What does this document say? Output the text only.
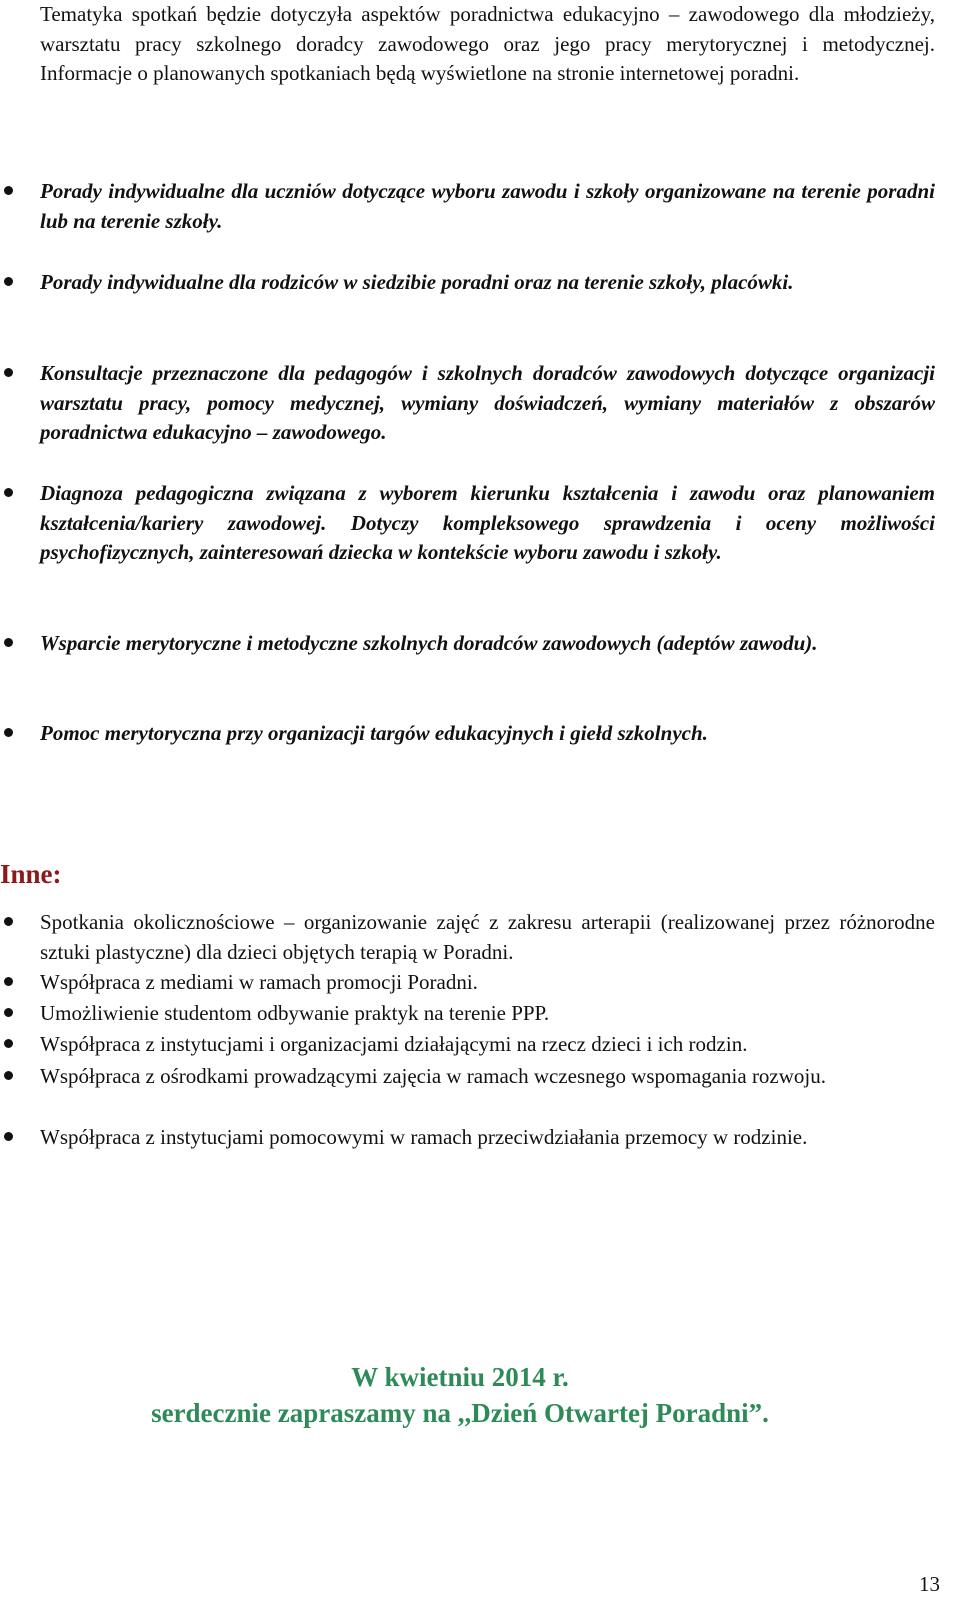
Tematyka spotkań będzie dotyczyła aspektów poradnictwa edukacyjno – zawodowego dla młodzieży, warsztatu pracy szkolnego doradcy zawodowego oraz jego pracy merytorycznej i metodycznej. Informacje o planowanych spotkaniach będą wyświetlone na stronie internetowej poradni.

Porady indywidualne dla uczniów dotyczące wyboru zawodu i szkoły organizowane na terenie poradni lub na terenie szkoły.

Porady indywidualne dla rodziców w siedzibie poradni oraz na terenie szkoły, placówki.

Konsultacje przeznaczone dla pedagogów i szkolnych doradców zawodowych dotyczące organizacji warsztatu pracy, pomocy medycznej, wymiany doświadczeń, wymiany materiałów z obszarów poradnictwa edukacyjno – zawodowego.

Diagnoza pedagogiczna związana z wyborem kierunku kształcenia i zawodu oraz planowaniem kształcenia/kariery zawodowej. Dotyczy kompleksowego sprawdzenia i oceny możliwości psychofizycznych, zainteresowań dziecka w kontekście wyboru zawodu i szkoły.

Wsparcie merytoryczne i metodyczne szkolnych doradców zawodowych (adeptów zawodu).

Pomoc merytoryczna przy organizacji targów edukacyjnych i giełd szkolnych.

Inne:

Spotkania okolicznościowe – organizowanie zajęć z zakresu arterapii (realizowanej przez różnorodne sztuki plastyczne) dla dzieci objętych terapią w Poradni.

Współpraca z mediami w ramach promocji Poradni.

Umożliwienie studentom odbywanie praktyk na terenie PPP.

Współpraca z instytucjami i organizacjami działającymi na rzecz dzieci i ich rodzin.

Współpraca z ośrodkami prowadzącymi zajęcia w ramach wczesnego wspomagania rozwoju.

Współpraca z instytucjami pomocowymi w ramach przeciwdziałania przemocy w rodzinie.

W kwietniu 2014 r.

serdecznie zapraszamy na ,,Dzień Otwartej Poradni”.

13
